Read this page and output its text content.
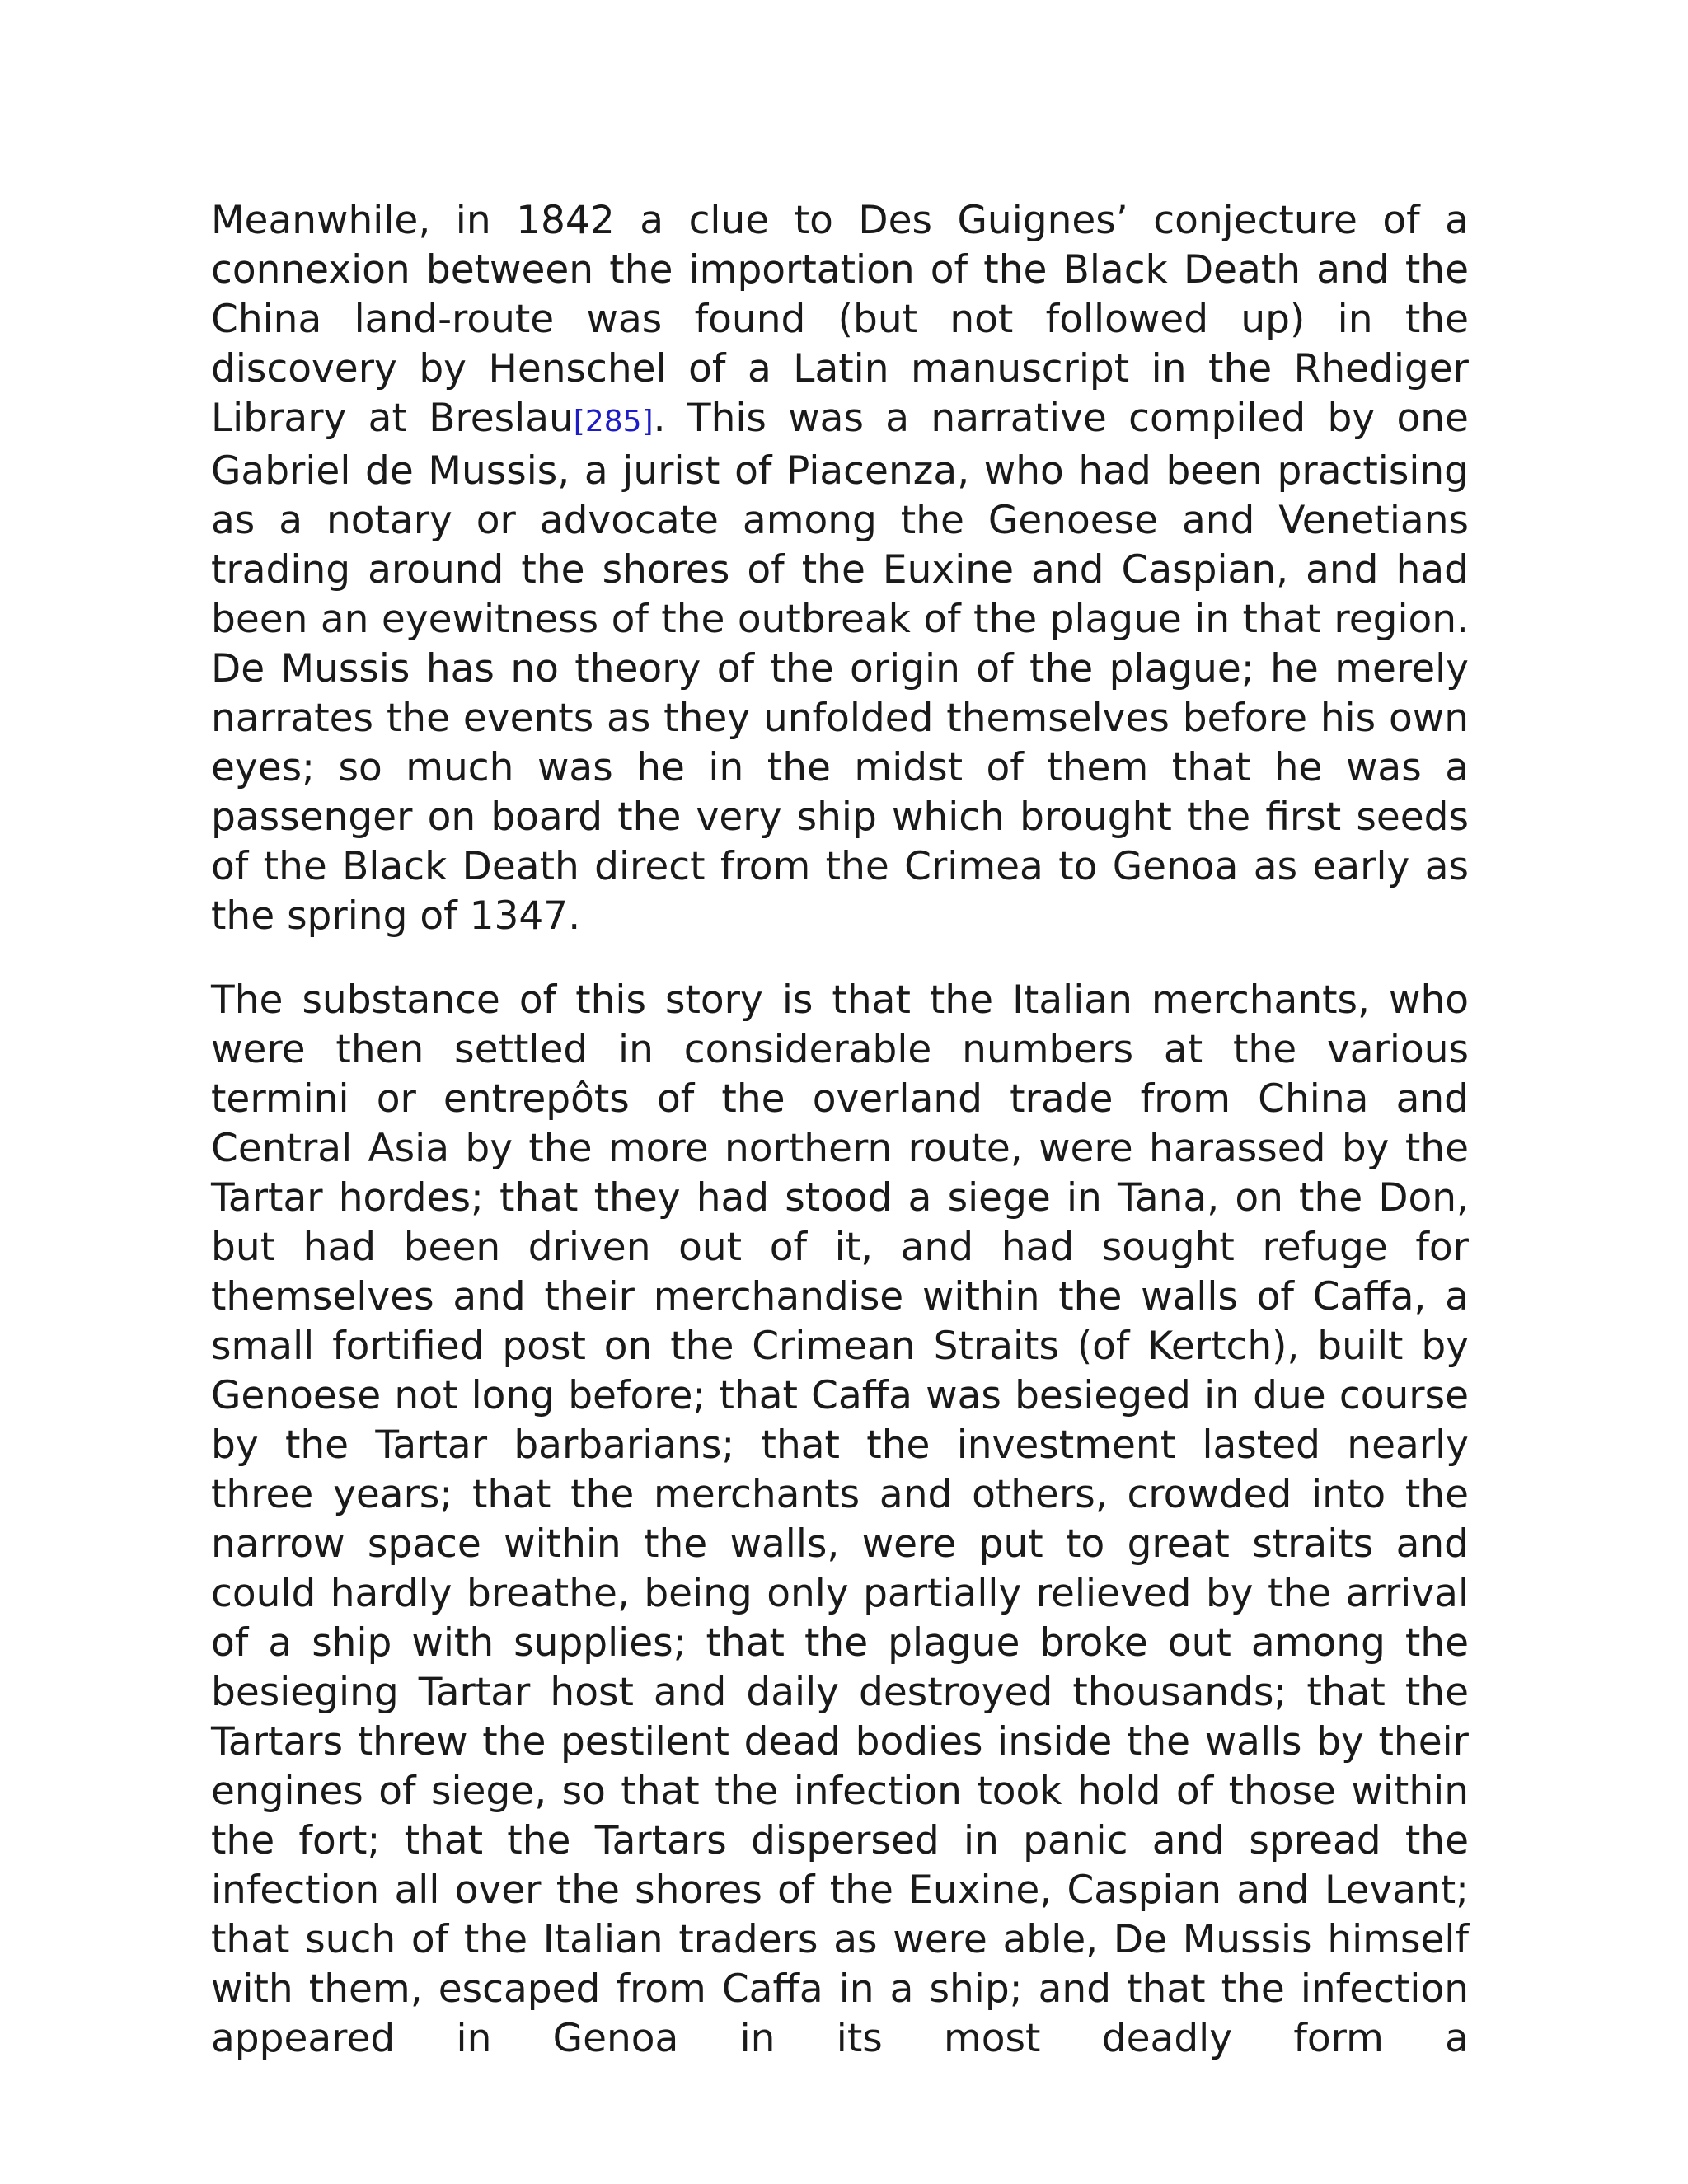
Meanwhile, in 1842 a clue to Des Guignes’ conjecture of a connexion between the importation of the Black Death and the China land-route was found (but not followed up) in the discovery by Henschel of a Latin manuscript in the Rhediger Library at Breslau[285]. This was a narrative compiled by one Gabriel de Mussis, a jurist of Piacenza, who had been practising as a notary or advocate among the Genoese and Venetians trading around the shores of the Euxine and Caspian, and had been an eyewitness of the outbreak of the plague in that region. De Mussis has no theory of the origin of the plague; he merely narrates the events as they unfolded themselves before his own eyes; so much was he in the midst of them that he was a passenger on board the very ship which brought the first seeds of the Black Death direct from the Crimea to Genoa as early as the spring of 1347.

The substance of this story is that the Italian merchants, who were then settled in considerable numbers at the various termini or entrepôts of the overland trade from China and Central Asia by the more northern route, were harassed by the Tartar hordes; that they had stood a siege in Tana, on the Don, but had been driven out of it, and had sought refuge for themselves and their merchandise within the walls of Caffa, a small fortified post on the Crimean Straits (of Kertch), built by Genoese not long before; that Caffa was besieged in due course by the Tartar barbarians; that the investment lasted nearly three years; that the merchants and others, crowded into the narrow space within the walls, were put to great straits and could hardly breathe, being only partially relieved by the arrival of a ship with supplies; that the plague broke out among the besieging Tartar host and daily destroyed thousands; that the Tartars threw the pestilent dead bodies inside the walls by their engines of siege, so that the infection took hold of those within the fort; that the Tartars dispersed in panic and spread the infection all over the shores of the Euxine, Caspian and Levant; that such of the Italian traders as were able, De Mussis himself with them, escaped from Caffa in a ship; and that the infection appeared in Genoa in its most deadly form a
